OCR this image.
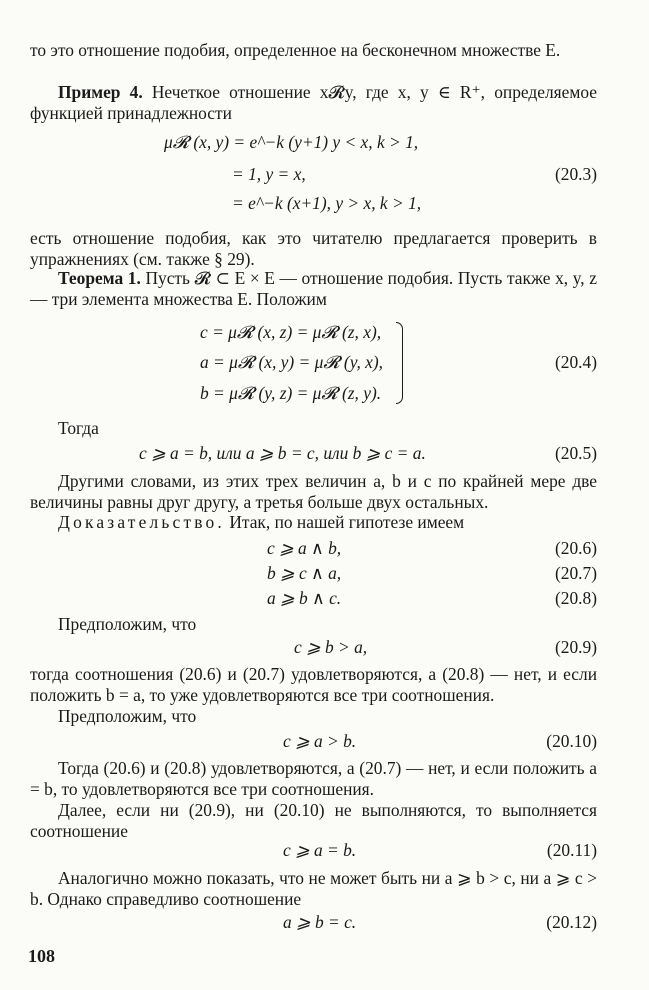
то это отношение подобия, определенное на бесконечном множестве E.

Пример 4. Нечеткое отношение x𝓡y, где x, y ∈ R⁺, определяемое функцией принадлежности

μ𝓡 (x, y) = e^−k (y+1) y < x, k > 1,
= 1, y = x,	(20.3)
= e^−k (x+1), y > x, k > 1,

есть отношение подобия, как это читателю предлагается проверить в упражнениях (см. также § 29).

Теорема 1. Пусть 𝓡 ⊂ E × E — отношение подобия. Пусть также x, y, z — три элемента множества E. Положим

c = μ𝓡 (x, z) = μ𝓡 (z, x),
a = μ𝓡 (x, y) = μ𝓡 (y, x),
b = μ𝓡 (y, z) = μ𝓡 (z, y).
(20.4)
Тогда
c ⩾ a = b, или a ⩾ b = c, или b ⩾ c = a.	(20.5)

Другими словами, из этих трех величин a, b и c по крайней мере две величины равны друг другу, а третья больше двух остальных.

Доказательство. Итак, по нашей гипотезе имеем

c ⩾ a ∧ b,	(20.6)
b ⩾ c ∧ a,	(20.7)
a ⩾ b ∧ c.	(20.8)
Предположим, что
c ⩾ b > a,	(20.9)

тогда соотношения (20.6) и (20.7) удовлетворяются, а (20.8) — нет, и если положить b = a, то уже удовлетворяются все три соотношения.

Предположим, что
c ⩾ a > b.	(20.10)

Тогда (20.6) и (20.8) удовлетворяются, а (20.7) — нет, и если положить a = b, то удовлетворяются все три соотношения.

Далее, если ни (20.9), ни (20.10) не выполняются, то выполняется соотношение

c ⩾ a = b.	(20.11)

Аналогично можно показать, что не может быть ни a ⩾ b > c, ни a ⩾ c > b. Однако справедливо соотношение

a ⩾ b = c.	(20.12)
108
